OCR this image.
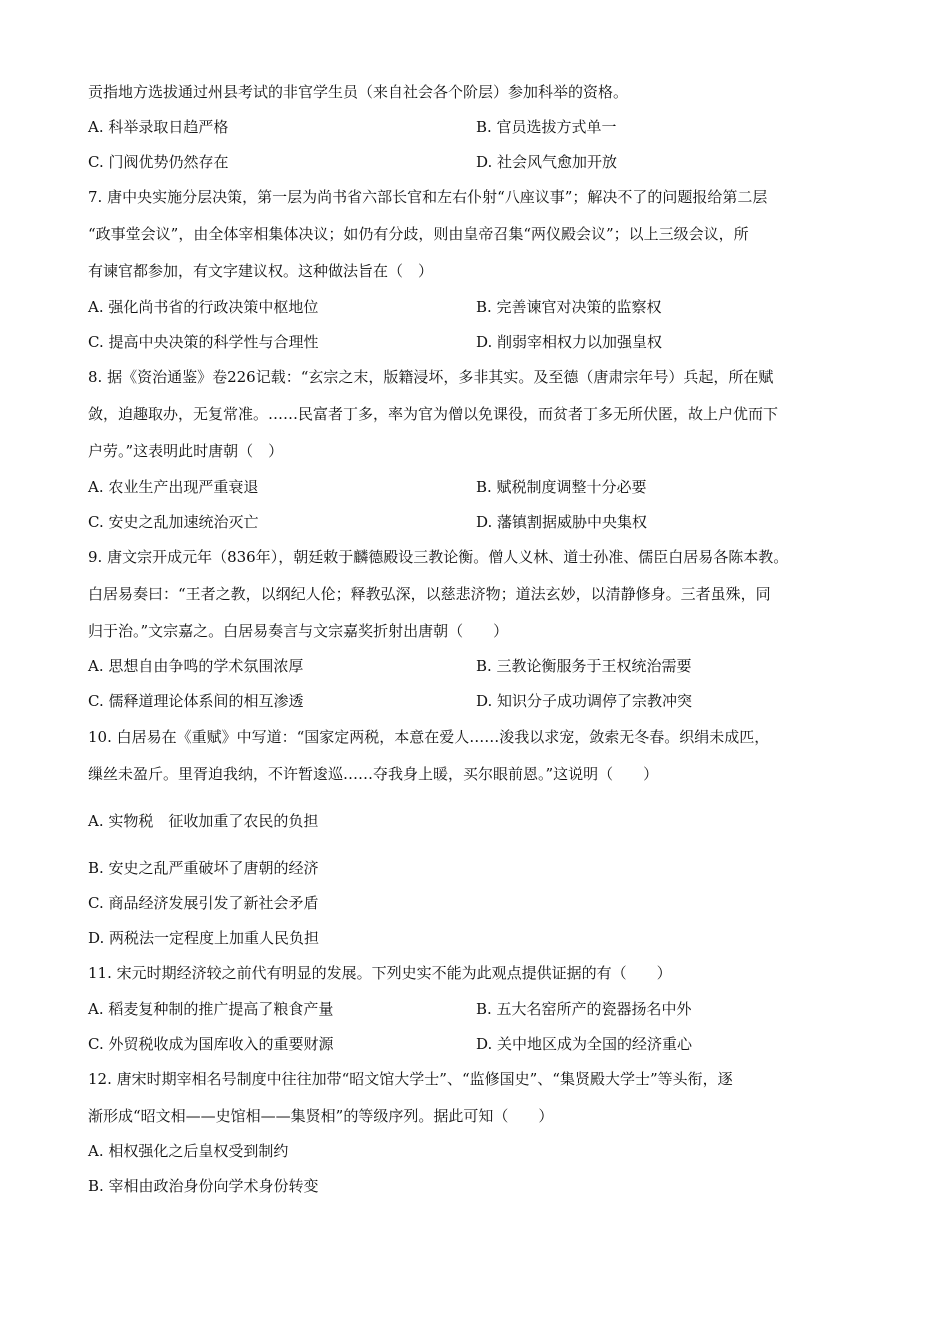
贡指地方选拔通过州县考试的非官学生员（来自社会各个阶层）参加科举的资格。
A. 科举录取日趋严格	B. 官员选拔方式单一
C. 门阀优势仍然存在	D. 社会风气愈加开放
7. 唐中央实施分层决策，第一层为尚书省六部长官和左右仆射“八座议事”；解决不了的问题报给第二层
“政事堂会议”，由全体宰相集体决议；如仍有分歧，则由皇帝召集“两仪殿会议”；以上三级会议，所
有谏官都参加，有文字建议权。这种做法旨在（　）
A. 强化尚书省的行政决策中枢地位	B. 完善谏官对决策的监察权
C. 提高中央决策的科学性与合理性	D. 削弱宰相权力以加强皇权
8. 据《资治通鉴》卷226记载：“玄宗之末，版籍浸坏，多非其实。及至德（唐肃宗年号）兵起，所在赋
敛，迫趣取办，无复常准。……民富者丁多，率为官为僧以免课役，而贫者丁多无所伏匿，故上户优而下
户劳。”这表明此时唐朝（　）
A. 农业生产出现严重衰退	B. 赋税制度调整十分必要
C. 安史之乱加速统治灭亡	D. 藩镇割据威胁中央集权
9. 唐文宗开成元年（836年），朝廷敕于麟德殿设三教论衡。僧人义林、道士孙准、儒臣白居易各陈本教。
白居易奏曰：“王者之教，以纲纪人伦；释教弘深，以慈悲济物；道法玄妙，以清静修身。三者虽殊，同
归于治。”文宗嘉之。白居易奏言与文宗嘉奖折射出唐朝（　　）
A. 思想自由争鸣的学术氛围浓厚	B. 三教论衡服务于王权统治需要
C. 儒释道理论体系间的相互渗透	D. 知识分子成功调停了宗教冲突
10. 白居易在《重赋》中写道：“国家定两税，本意在爱人……浚我以求宠，敛索无冬春。织绢未成匹，
缫丝未盈斤。里胥迫我纳，不许暂逡巡……夺我身上暖，买尔眼前恩。”这说明（　　）
A. 实物税　征收加重了农民的负担
B. 安史之乱严重破坏了唐朝的经济
C. 商品经济发展引发了新社会矛盾
D. 两税法一定程度上加重人民负担
11. 宋元时期经济较之前代有明显的发展。下列史实不能为此观点提供证据的有（　　）
A. 稻麦复种制的推广提高了粮食产量	B. 五大名窑所产的瓷器扬名中外
C. 外贸税收成为国库收入的重要财源	D. 关中地区成为全国的经济重心
12. 唐宋时期宰相名号制度中往往加带“昭文馆大学士”、“监修国史”、“集贤殿大学士”等头衔，逐
渐形成“昭文相——史馆相——集贤相”的等级序列。据此可知（　　）
A. 相权强化之后皇权受到制约
B. 宰相由政治身份向学术身份转变
